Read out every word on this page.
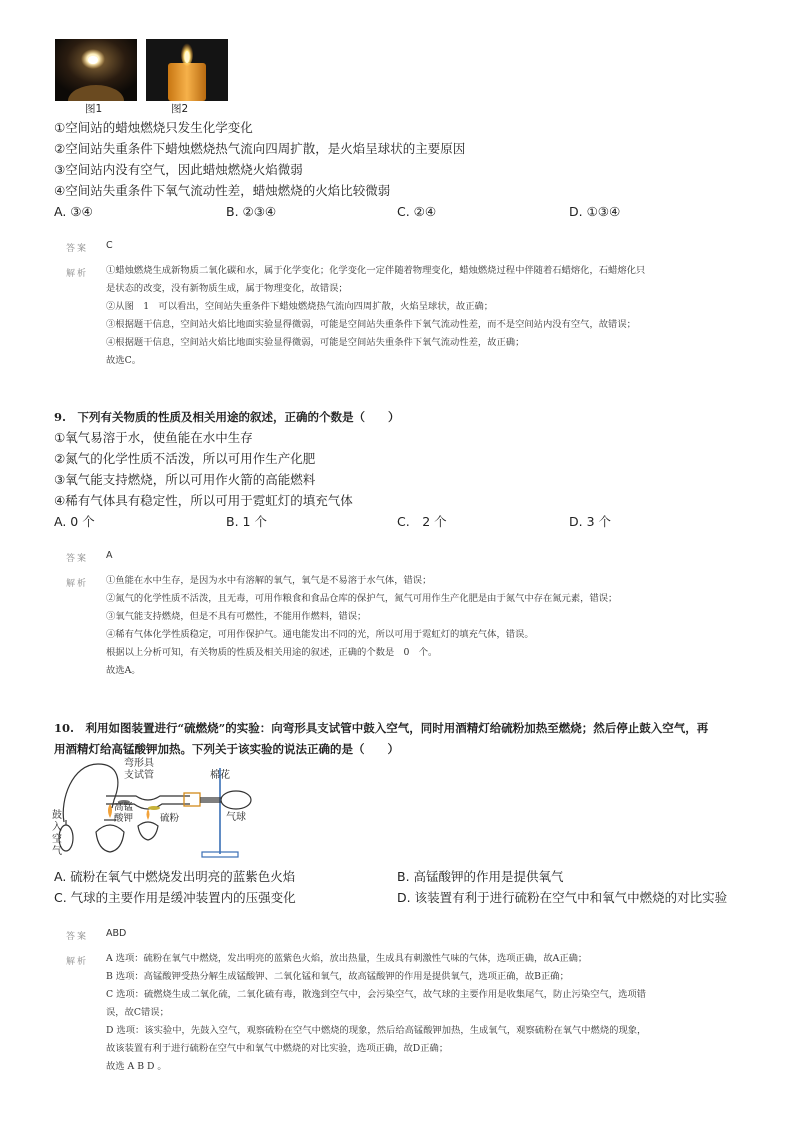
图1	图2
①空间站的蜡烛燃烧只发生化学变化
②空间站失重条件下蜡烛燃烧热气流向四周扩散，是火焰呈球状的主要原因
③空间站内没有空气，因此蜡烛燃烧火焰微弱
④空间站失重条件下氧气流动性差，蜡烛燃烧的火焰比较微弱
A. ③④	B. ②③④	C. ②④	D. ①③④
答案 C
解析 ①蜡烛燃烧生成新物质二氧化碳和水，属于化学变化；化学变化一定伴随着物理变化，蜡烛燃烧过程中伴随着石蜡熔化，石蜡熔化只
是状态的改变，没有新物质生成，属于物理变化，故错误；
②从图　1　可以看出，空间站失重条件下蜡烛燃烧热气流向四周扩散，火焰呈球状，故正确；
③根据题干信息，空间站火焰比地面实验显得微弱，可能是空间站失重条件下氧气流动性差，而不是空间站内没有空气，故错误；
④根据题干信息，空间站火焰比地面实验显得微弱，可能是空间站失重条件下氧气流动性差，故正确；
故选C。
9.　下列有关物质的性质及相关用途的叙述，正确的个数是（　　）
①氧气易溶于水，使鱼能在水中生存
②氮气的化学性质不活泼，所以可用作生产化肥
③氧气能支持燃烧，所以可用作火箭的高能燃料
④稀有气体具有稳定性，所以可用于霓虹灯的填充气体
A. 0 个	B. 1 个	C.　2 个	D. 3 个
答案 A
解析 ①鱼能在水中生存，是因为水中有溶解的氧气，氧气是不易溶于水气体，错误；
②氮气的化学性质不活泼，且无毒，可用作粮食和食品仓库的保护气，氮气可用作生产化肥是由于氮气中存在氮元素，错误；
③氧气能支持燃烧，但是不具有可燃性，不能用作燃料，错误；
④稀有气体化学性质稳定，可用作保护气。通电能发出不同的光，所以可用于霓虹灯的填充气体，错误。
根据以上分析可知，有关物质的性质及相关用途的叙述，正确的个数是　0　个。
故选A。
10.　利用如图装置进行“硫燃烧”的实验：向弯形具支试管中鼓入空气，同时用酒精灯给硫粉加热至燃烧；然后停止鼓入空气，再
用酒精灯给高锰酸钾加热。下列关于该实验的说法正确的是（　　）
弯形具
支试管	棉花
气球
高锰
酸钾	硫粉
鼓入空气
A. 硫粉在氧气中燃烧发出明亮的蓝紫色火焰	B. 高锰酸钾的作用是提供氧气
C. 气球的主要作用是缓冲装置内的压强变化	D. 该装置有利于进行硫粉在空气中和氧气中燃烧的对比实验
答案 ABD
解析 A 选项：硫粉在氧气中燃烧，发出明亮的蓝紫色火焰，放出热量，生成具有刺激性气味的气体，选项正确，故A正确；
B 选项：高锰酸钾受热分解生成锰酸钾、二氧化锰和氧气，故高锰酸钾的作用是提供氧气，选项正确，故B正确；
C 选项：硫燃烧生成二氧化硫，二氧化硫有毒，散逸到空气中，会污染空气，故气球的主要作用是收集尾气，防止污染空气，选项错
误，故C错误；
D 选项：该实验中，先鼓入空气，观察硫粉在空气中燃烧的现象，然后给高锰酸钾加热，生成氧气，观察硫粉在氧气中燃烧的现象，
故该装置有利于进行硫粉在空气中和氧气中燃烧的对比实验，选项正确，故D正确；
故选 A B D 。
